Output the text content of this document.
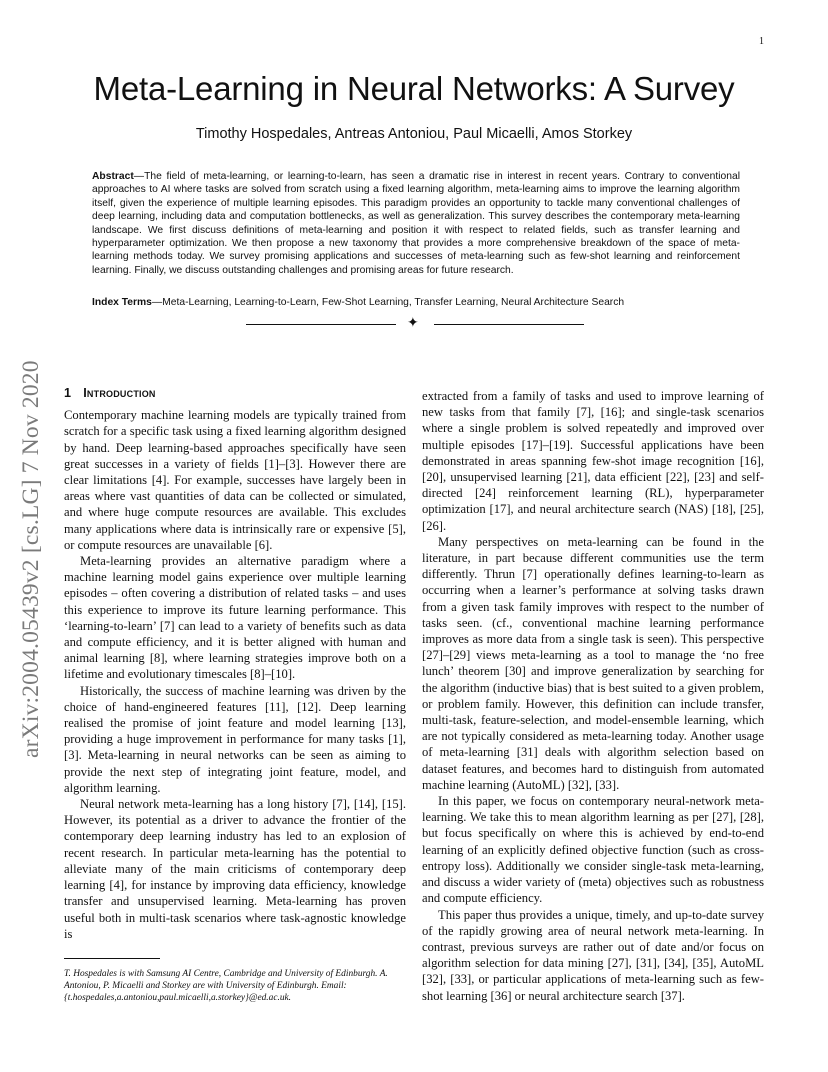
1
Meta-Learning in Neural Networks: A Survey
Timothy Hospedales, Antreas Antoniou, Paul Micaelli, Amos Storkey
Abstract—The field of meta-learning, or learning-to-learn, has seen a dramatic rise in interest in recent years. Contrary to conventional approaches to AI where tasks are solved from scratch using a fixed learning algorithm, meta-learning aims to improve the learning algorithm itself, given the experience of multiple learning episodes. This paradigm provides an opportunity to tackle many conventional challenges of deep learning, including data and computation bottlenecks, as well as generalization. This survey describes the contemporary meta-learning landscape. We first discuss definitions of meta-learning and position it with respect to related fields, such as transfer learning and hyperparameter optimization. We then propose a new taxonomy that provides a more comprehensive breakdown of the space of meta-learning methods today. We survey promising applications and successes of meta-learning such as few-shot learning and reinforcement learning. Finally, we discuss outstanding challenges and promising areas for future research.
Index Terms—Meta-Learning, Learning-to-Learn, Few-Shot Learning, Transfer Learning, Neural Architecture Search
✦
arXiv:2004.05439v2 [cs.LG] 7 Nov 2020 1 Introduction

Contemporary machine learning models are typically trained from scratch for a specific task using a fixed learning algorithm designed by hand. Deep learning-based approaches specifically have seen great successes in a variety of fields [1]–[3]. However there are clear limitations [4]. For example, successes have largely been in areas where vast quantities of data can be collected or simulated, and where huge compute resources are available. This excludes many applications where data is intrinsically rare or expensive [5], or compute resources are unavailable [6].

Meta-learning provides an alternative paradigm where a machine learning model gains experience over multiple learning episodes – often covering a distribution of related tasks – and uses this experience to improve its future learning performance. This ‘learning-to-learn’ [7] can lead to a variety of benefits such as data and compute efficiency, and it is better aligned with human and animal learning [8], where learning strategies improve both on a lifetime and evolutionary timescales [8]–[10].

Historically, the success of machine learning was driven by the choice of hand-engineered features [11], [12]. Deep learning realised the promise of joint feature and model learning [13], providing a huge improvement in performance for many tasks [1], [3]. Meta-learning in neural networks can be seen as aiming to provide the next step of integrating joint feature, model, and algorithm learning.

Neural network meta-learning has a long history [7], [14], [15]. However, its potential as a driver to advance the frontier of the contemporary deep learning industry has led to an explosion of recent research. In particular meta-learning has the potential to alleviate many of the main criticisms of contemporary deep learning [4], for instance by improving data efficiency, knowledge transfer and unsupervised learning. Meta-learning has proven useful both in multi-task scenarios where task-agnostic knowledge is

T. Hospedales is with Samsung AI Centre, Cambridge and University of Edinburgh. A. Antoniou, P. Micaelli and Storkey are with University of Edinburgh. Email: {t.hospedales,a.antoniou,paul.micaelli,a.storkey}@ed.ac.uk.

extracted from a family of tasks and used to improve learning of new tasks from that family [7], [16]; and single-task scenarios where a single problem is solved repeatedly and improved over multiple episodes [17]–[19]. Successful applications have been demonstrated in areas spanning few-shot image recognition [16], [20], unsupervised learning [21], data efficient [22], [23] and self-directed [24] reinforcement learning (RL), hyperparameter optimization [17], and neural architecture search (NAS) [18], [25], [26].

Many perspectives on meta-learning can be found in the literature, in part because different communities use the term differently. Thrun [7] operationally defines learning-to-learn as occurring when a learner’s performance at solving tasks drawn from a given task family improves with respect to the number of tasks seen. (cf., conventional machine learning performance improves as more data from a single task is seen). This perspective [27]–[29] views meta-learning as a tool to manage the ‘no free lunch’ theorem [30] and improve generalization by searching for the algorithm (inductive bias) that is best suited to a given problem, or problem family. However, this definition can include transfer, multi-task, feature-selection, and model-ensemble learning, which are not typically considered as meta-learning today. Another usage of meta-learning [31] deals with algorithm selection based on dataset features, and becomes hard to distinguish from automated machine learning (AutoML) [32], [33].

In this paper, we focus on contemporary neural-network meta-learning. We take this to mean algorithm learning as per [27], [28], but focus specifically on where this is achieved by end-to-end learning of an explicitly defined objective function (such as cross-entropy loss). Additionally we consider single-task meta-learning, and discuss a wider variety of (meta) objectives such as robustness and compute efficiency.

This paper thus provides a unique, timely, and up-to-date survey of the rapidly growing area of neural network meta-learning. In contrast, previous surveys are rather out of date and/or focus on algorithm selection for data mining [27], [31], [34], [35], AutoML [32], [33], or particular applications of meta-learning such as few-shot learning [36] or neural architecture search [37].
